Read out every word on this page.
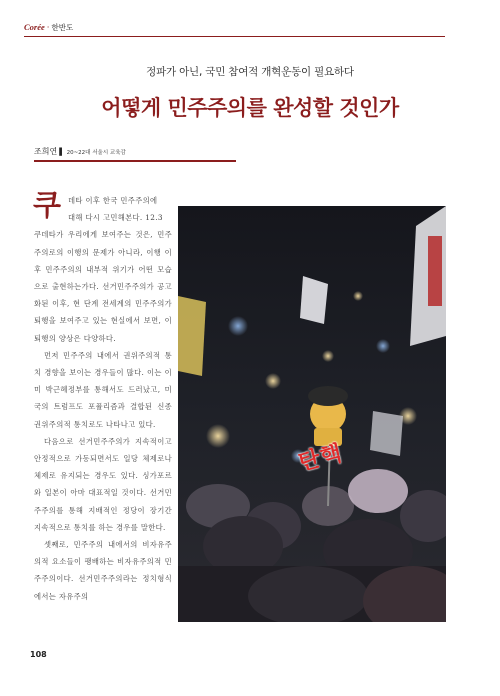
Corée · 한반도
정파가 아닌, 국민 참여적 개혁운동이 필요하다
어떻게 민주주의를 완성할 것인가
조희연 ▌ 20~22대 서울시 교육감

쿠 데타 이후 한국 민주주의에
대해 다시 고민해본다. 12.3
쿠데타가 우리에게 보여주는 것은, 민주주의로의 이행의 문제가 아니라, 이행 이후 민주주의의 내부적 위기가 어떤 모습으로 출현하는가다. 선거민주주의가 공고화된 이후, 현 단계 전세계의 민주주의가 퇴행을 보여주고 있는 현실에서 보면, 이 퇴행의 양상은 다양하다.

먼저 민주주의 내에서 권위주의적 통치 경향을 보이는 경우들이 많다. 이는 이미 박근혜정부를 통해서도 드러났고, 미국의 트럼프도 포퓰리즘과 결합된 신종 권위주의적 통치로도 나타나고 있다.

다음으로 선거민주주의가 지속적이고 안정적으로 가동되면서도 일당 체제로나 체제로 유지되는 경우도 있다. 싱가포르와 일본이 아마 대표적일 것이다. 선거민주주의를 통해 지배적인 정당이 장기간 지속적으로 통치를 하는 경우를 말한다.

셋째로, 민주주의 내에서의 비자유주의적 요소들이 팽배하는 비자유주의적 민주주의이다. 선거민주주의라는 정치형식에서는 자유주의

탄핵
108
